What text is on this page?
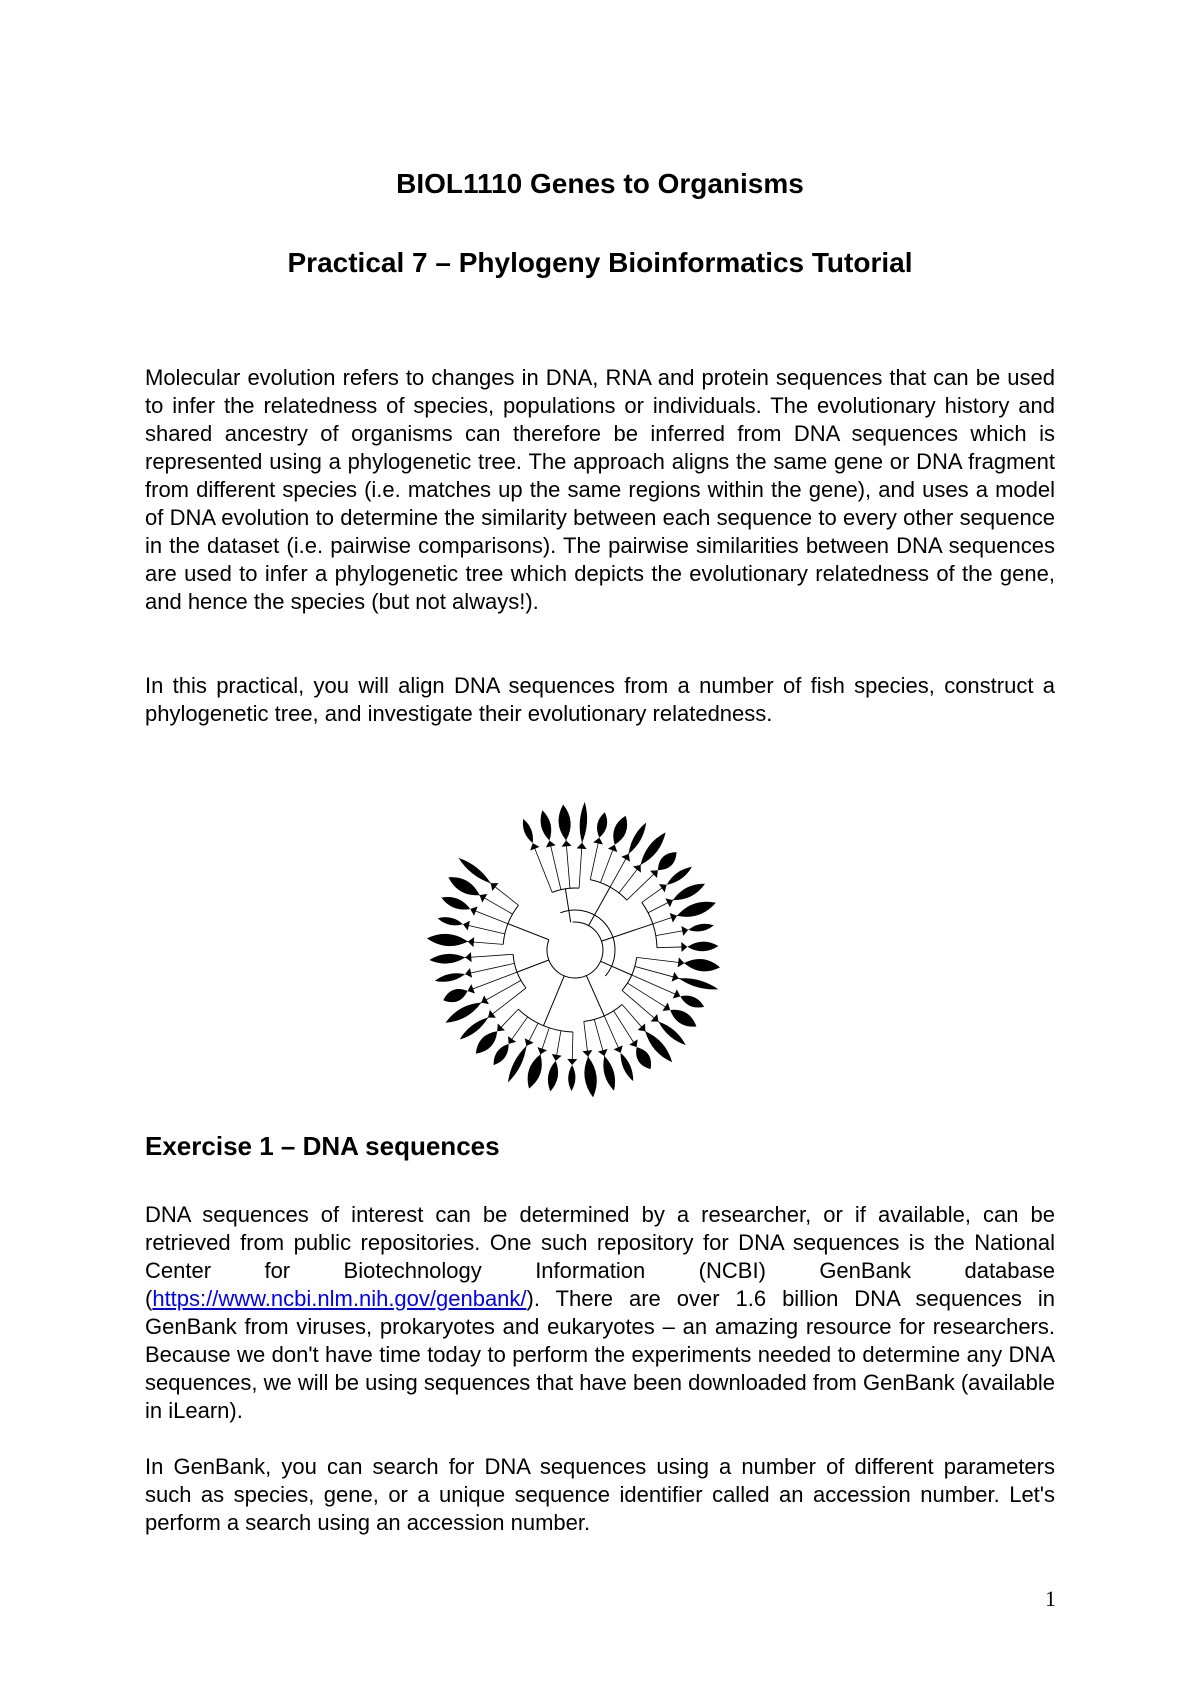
BIOL1110 Genes to Organisms
Practical 7 – Phylogeny Bioinformatics Tutorial

Molecular evolution refers to changes in DNA, RNA and protein sequences that can be used to infer the relatedness of species, populations or individuals. The evolutionary history and shared ancestry of organisms can therefore be inferred from DNA sequences which is represented using a phylogenetic tree. The approach aligns the same gene or DNA fragment from different species (i.e. matches up the same regions within the gene), and uses a model of DNA evolution to determine the similarity between each sequence to every other sequence in the dataset (i.e. pairwise comparisons). The pairwise similarities between DNA sequences are used to infer a phylogenetic tree which depicts the evolutionary relatedness of the gene, and hence the species (but not always!).

In this practical, you will align DNA sequences from a number of fish species, construct a phylogenetic tree, and investigate their evolutionary relatedness.

Exercise 1 – DNA sequences

DNA sequences of interest can be determined by a researcher, or if available, can be retrieved from public repositories. One such repository for DNA sequences is the National Center for Biotechnology Information (NCBI) GenBank database (https://www.ncbi.nlm.nih.gov/genbank/). There are over 1.6 billion DNA sequences in GenBank from viruses, prokaryotes and eukaryotes – an amazing resource for researchers. Because we don't have time today to perform the experiments needed to determine any DNA sequences, we will be using sequences that have been downloaded from GenBank (available in iLearn).

In GenBank, you can search for DNA sequences using a number of different parameters such as species, gene, or a unique sequence identifier called an accession number. Let's perform a search using an accession number.

1
